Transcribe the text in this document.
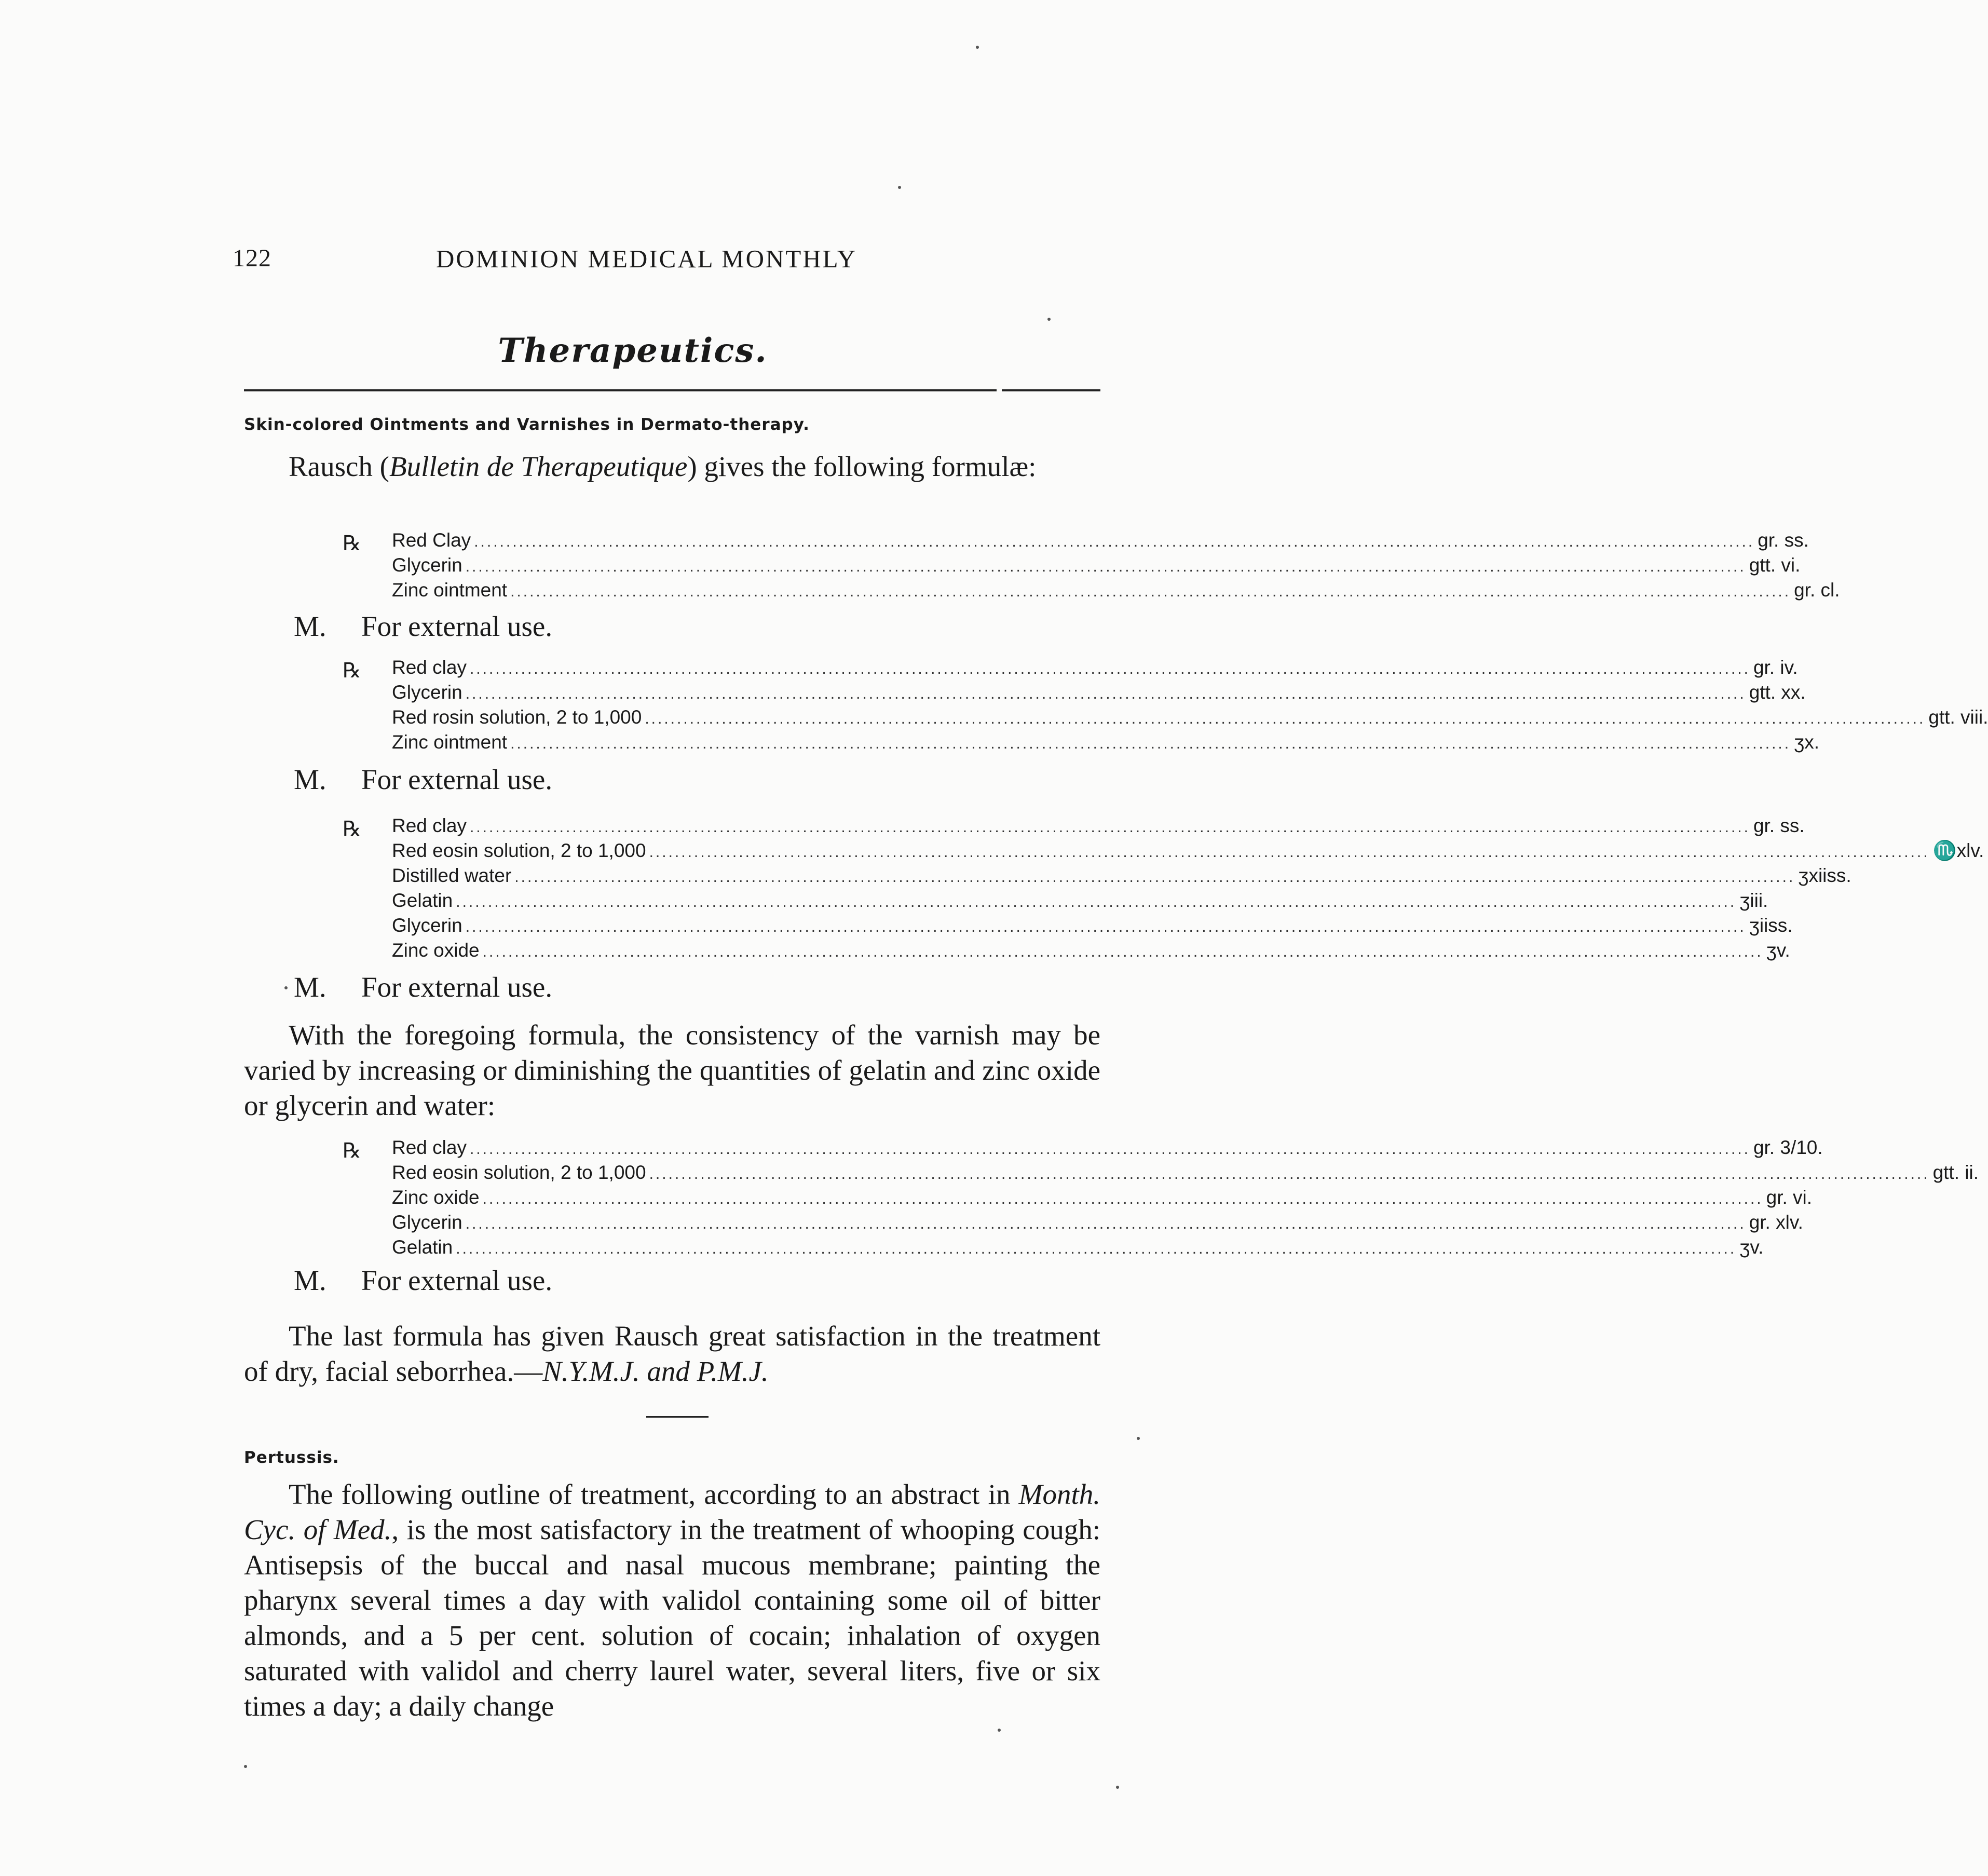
122	DOMINION MEDICAL MONTHLY
Therapeutics.
Skin-colored Ointments and Varnishes in Dermato-therapy.
Rausch (Bulletin de Therapeutique) gives the following formulæ:
℞ Red Clay ........................................................................................................................................................................................................ gr. ss.
Glycerin ........................................................................................................................................................................................................ gtt. vi.
Zinc ointment ........................................................................................................................................................................................................ gr. cl.
M. For external use.
℞ Red clay ........................................................................................................................................................................................................ gr. iv.
Glycerin ........................................................................................................................................................................................................ gtt. xx.
Red rosin solution, 2 to 1,000 ........................................................................................................................................................................................................ gtt. viii.
Zinc ointment ........................................................................................................................................................................................................ ʒx.
M. For external use.
℞ Red clay ........................................................................................................................................................................................................ gr. ss.
Red eosin solution, 2 to 1,000 ........................................................................................................................................................................................................ ♏xlv.
Distilled water ........................................................................................................................................................................................................ ʒxiiss.
Gelatin ........................................................................................................................................................................................................ ʒiii.
Glycerin ........................................................................................................................................................................................................ ʒiiss.
Zinc oxide ........................................................................................................................................................................................................ ʒv.
M. For external use.
With the foregoing formula, the consistency of the varnish may be varied by increasing or diminishing the quantities of gelatin and zinc oxide or glycerin and water:
℞ Red clay ........................................................................................................................................................................................................ gr. 3/10.
Red eosin solution, 2 to 1,000 ........................................................................................................................................................................................................ gtt. ii.
Zinc oxide ........................................................................................................................................................................................................ gr. vi.
Glycerin ........................................................................................................................................................................................................ gr. xlv.
Gelatin ........................................................................................................................................................................................................ ʒv.
M. For external use.
The last formula has given Rausch great satisfaction in the treatment of dry, facial seborrhea.—N.Y.M.J. and P.M.J.
Pertussis.
The following outline of treatment, according to an abstract in Month. Cyc. of Med., is the most satisfactory in the treatment of whooping cough: Antisepsis of the buccal and nasal mucous membrane; painting the pharynx several times a day with validol containing some oil of bitter almonds, and a 5 per cent. solution of cocain; inhalation of oxygen saturated with validol and cherry laurel water, several liters, five or six times a day; a daily change
